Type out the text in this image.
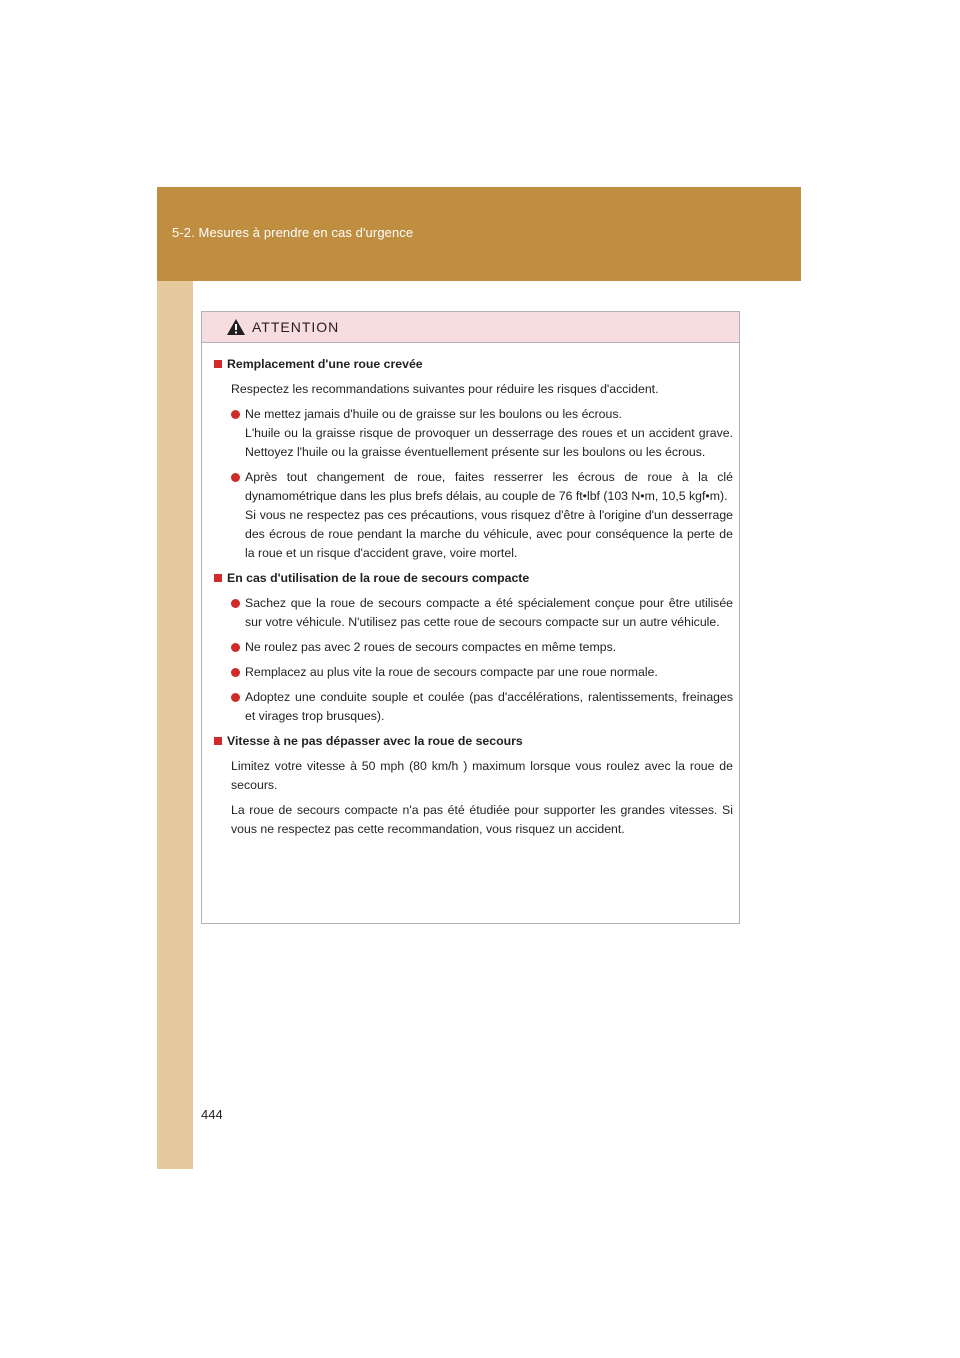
5-2. Mesures à prendre en cas d'urgence
ATTENTION
Remplacement d'une roue crevée
Respectez les recommandations suivantes pour réduire les risques d'accident.
Ne mettez jamais d'huile ou de graisse sur les boulons ou les écrous.
L'huile ou la graisse risque de provoquer un desserrage des roues et un accident grave. Nettoyez l'huile ou la graisse éventuellement présente sur les boulons ou les écrous.
Après tout changement de roue, faites resserrer les écrous de roue à la clé dynamométrique dans les plus brefs délais, au couple de 76 ft•lbf (103 N•m, 10,5 kgf•m).
Si vous ne respectez pas ces précautions, vous risquez d'être à l'origine d'un desserrage des écrous de roue pendant la marche du véhicule, avec pour conséquence la perte de la roue et un risque d'accident grave, voire mortel.
En cas d'utilisation de la roue de secours compacte
Sachez que la roue de secours compacte a été spécialement conçue pour être utilisée sur votre véhicule. N'utilisez pas cette roue de secours compacte sur un autre véhicule.
Ne roulez pas avec 2 roues de secours compactes en même temps.
Remplacez au plus vite la roue de secours compacte par une roue normale.
Adoptez une conduite souple et coulée (pas d'accélérations, ralentissements, freinages et virages trop brusques).
Vitesse à ne pas dépasser avec la roue de secours
Limitez votre vitesse à 50 mph (80 km/h ) maximum lorsque vous roulez avec la roue de secours.
La roue de secours compacte n'a pas été étudiée pour supporter les grandes vitesses. Si vous ne respectez pas cette recommandation, vous risquez un accident.
444
